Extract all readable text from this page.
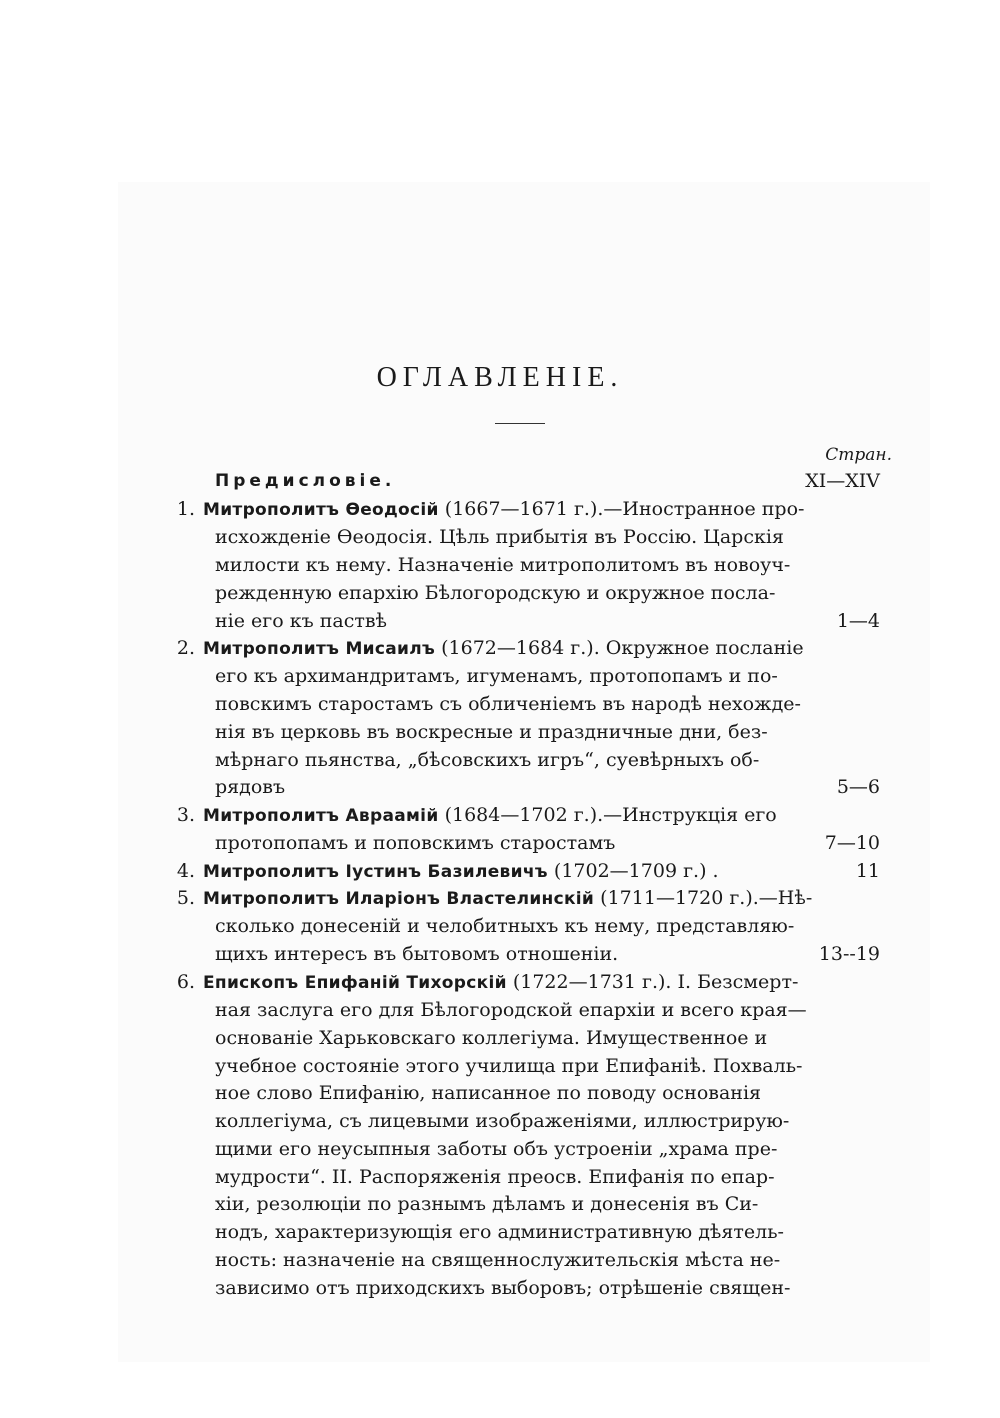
ОГЛАВЛЕНІЕ.
Стран.
Предисловіе.	XI—XIV
1. Митрополитъ Ѳеодосій (1667—1671 г.).—Иностранное про-
исхожденіе Ѳеодосія. Цѣль прибытія въ Россію. Царскія
милости къ нему. Назначеніе митрополитомъ въ новоуч-
режденную епархію Бѣлогородскую и окружное посла-
ніе его къ паствѣ	1—4
2. Митрополитъ Мисаилъ (1672—1684 г.). Окружное посланіе
его къ архимандритамъ, игуменамъ, протопопамъ и по-
повскимъ старостамъ съ обличеніемъ въ народѣ нехожде-
нія въ церковь въ воскресные и праздничные дни, без-
мѣрнаго пьянства, „бѣсовскихъ игръ“, суевѣрныхъ об-
рядовъ	5—6
3. Митрополитъ Авраамій (1684—1702 г.).—Инструкція его
протопопамъ и поповскимъ старостамъ	7—10
4. Митрополитъ Іустинъ Базилевичъ (1702—1709 г.) .	11
5. Митрополитъ Иларіонъ Властелинскій (1711—1720 г.).—Нѣ-
сколько донесеній и челобитныхъ къ нему, представляю-
щихъ интересъ въ бытовомъ отношеніи.	13--19
6. Епископъ Епифаній Тихорскій (1722—1731 г.). I. Безсмерт-
ная заслуга его для Бѣлогородской епархіи и всего края—
основаніе Харьковскаго коллегіума. Имущественное и
учебное состояніе этого училища при Епифаніѣ. Похваль-
ное слово Епифанію, написанное по поводу основанія
коллегіума, съ лицевыми изображеніями, иллюстрирую-
щими его неусыпныя заботы объ устроеніи „храма пре-
мудрости“. II. Распоряженія преосв. Епифанія по епар-
хіи, резолюціи по разнымъ дѣламъ и донесенія въ Си-
нодъ, характеризующія его административную дѣятель-
ность: назначеніе на священнослужительскія мѣста не-
зависимо отъ приходскихъ выборовъ; отрѣшеніе священ-
